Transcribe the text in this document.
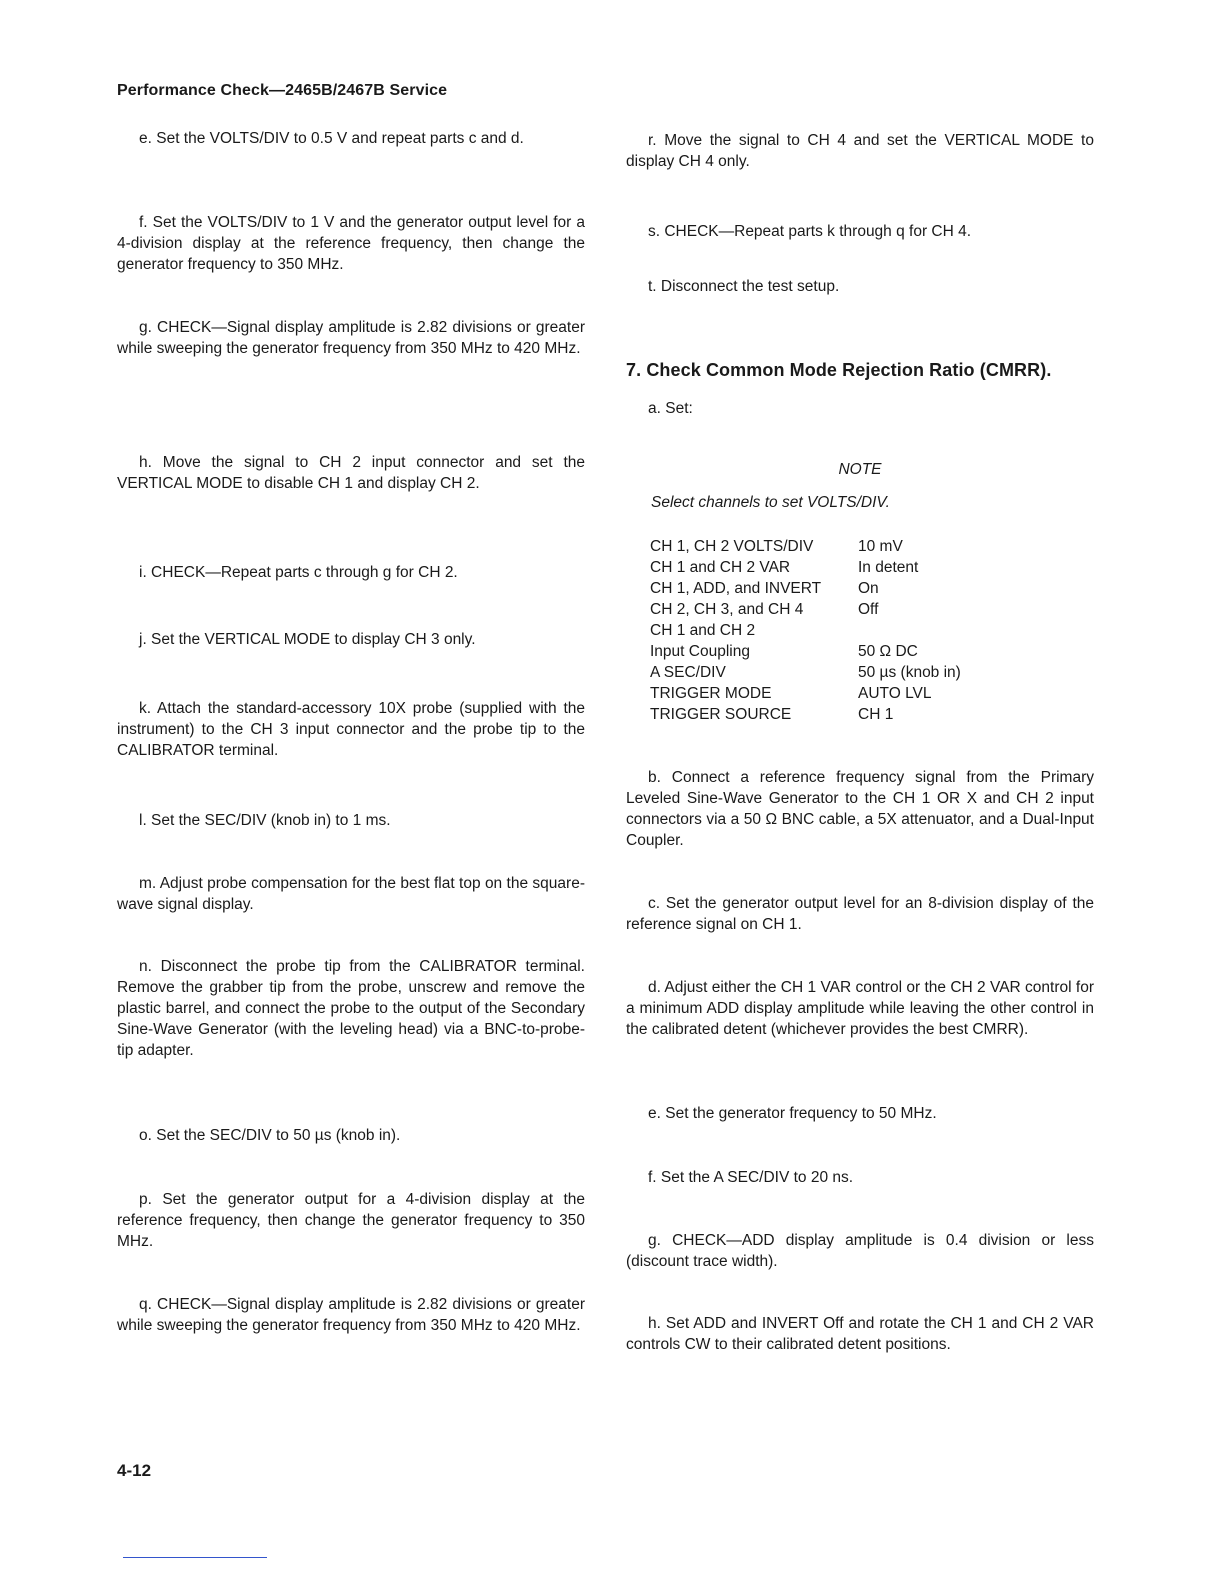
Performance Check—2465B/2467B Service
e. Set the VOLTS/DIV to 0.5 V and repeat parts c and d.
f. Set the VOLTS/DIV to 1 V and the generator output level for a 4-division display at the reference frequency, then change the generator frequency to 350 MHz.
g. CHECK—Signal display amplitude is 2.82 divisions or greater while sweeping the generator frequency from 350 MHz to 420 MHz.
h. Move the signal to CH 2 input connector and set the VERTICAL MODE to disable CH 1 and display CH 2.
i. CHECK—Repeat parts c through g for CH 2.
j. Set the VERTICAL MODE to display CH 3 only.
k. Attach the standard-accessory 10X probe (supplied with the instrument) to the CH 3 input connector and the probe tip to the CALIBRATOR terminal.
l. Set the SEC/DIV (knob in) to 1 ms.
m. Adjust probe compensation for the best flat top on the square-wave signal display.
n. Disconnect the probe tip from the CALIBRATOR terminal. Remove the grabber tip from the probe, unscrew and remove the plastic barrel, and connect the probe to the output of the Secondary Sine-Wave Generator (with the leveling head) via a BNC-to-probe-tip adapter.
o. Set the SEC/DIV to 50 µs (knob in).
p. Set the generator output for a 4-division display at the reference frequency, then change the generator frequency to 350 MHz.
q. CHECK—Signal display amplitude is 2.82 divisions or greater while sweeping the generator frequency from 350 MHz to 420 MHz.
r. Move the signal to CH 4 and set the VERTICAL MODE to display CH 4 only.
s. CHECK—Repeat parts k through q for CH 4.
t. Disconnect the test setup.
7. Check Common Mode Rejection Ratio (CMRR).
a. Set:
NOTE
Select channels to set VOLTS/DIV.
CH 1, CH 2 VOLTS/DIV	10 mV
CH 1 and CH 2 VAR	In detent
CH 1, ADD, and INVERT	On
CH 2, CH 3, and CH 4	Off
CH 1 and CH 2
Input Coupling	50 Ω DC
A SEC/DIV	50 µs (knob in)
TRIGGER MODE	AUTO LVL
TRIGGER SOURCE	CH 1
b. Connect a reference frequency signal from the Primary Leveled Sine-Wave Generator to the CH 1 OR X and CH 2 input connectors via a 50 Ω BNC cable, a 5X attenuator, and a Dual-Input Coupler.
c. Set the generator output level for an 8-division display of the reference signal on CH 1.
d. Adjust either the CH 1 VAR control or the CH 2 VAR control for a minimum ADD display amplitude while leaving the other control in the calibrated detent (whichever provides the best CMRR).
e. Set the generator frequency to 50 MHz.
f. Set the A SEC/DIV to 20 ns.
g. CHECK—ADD display amplitude is 0.4 division or less (discount trace width).
h. Set ADD and INVERT Off and rotate the CH 1 and CH 2 VAR controls CW to their calibrated detent positions.
4-12
